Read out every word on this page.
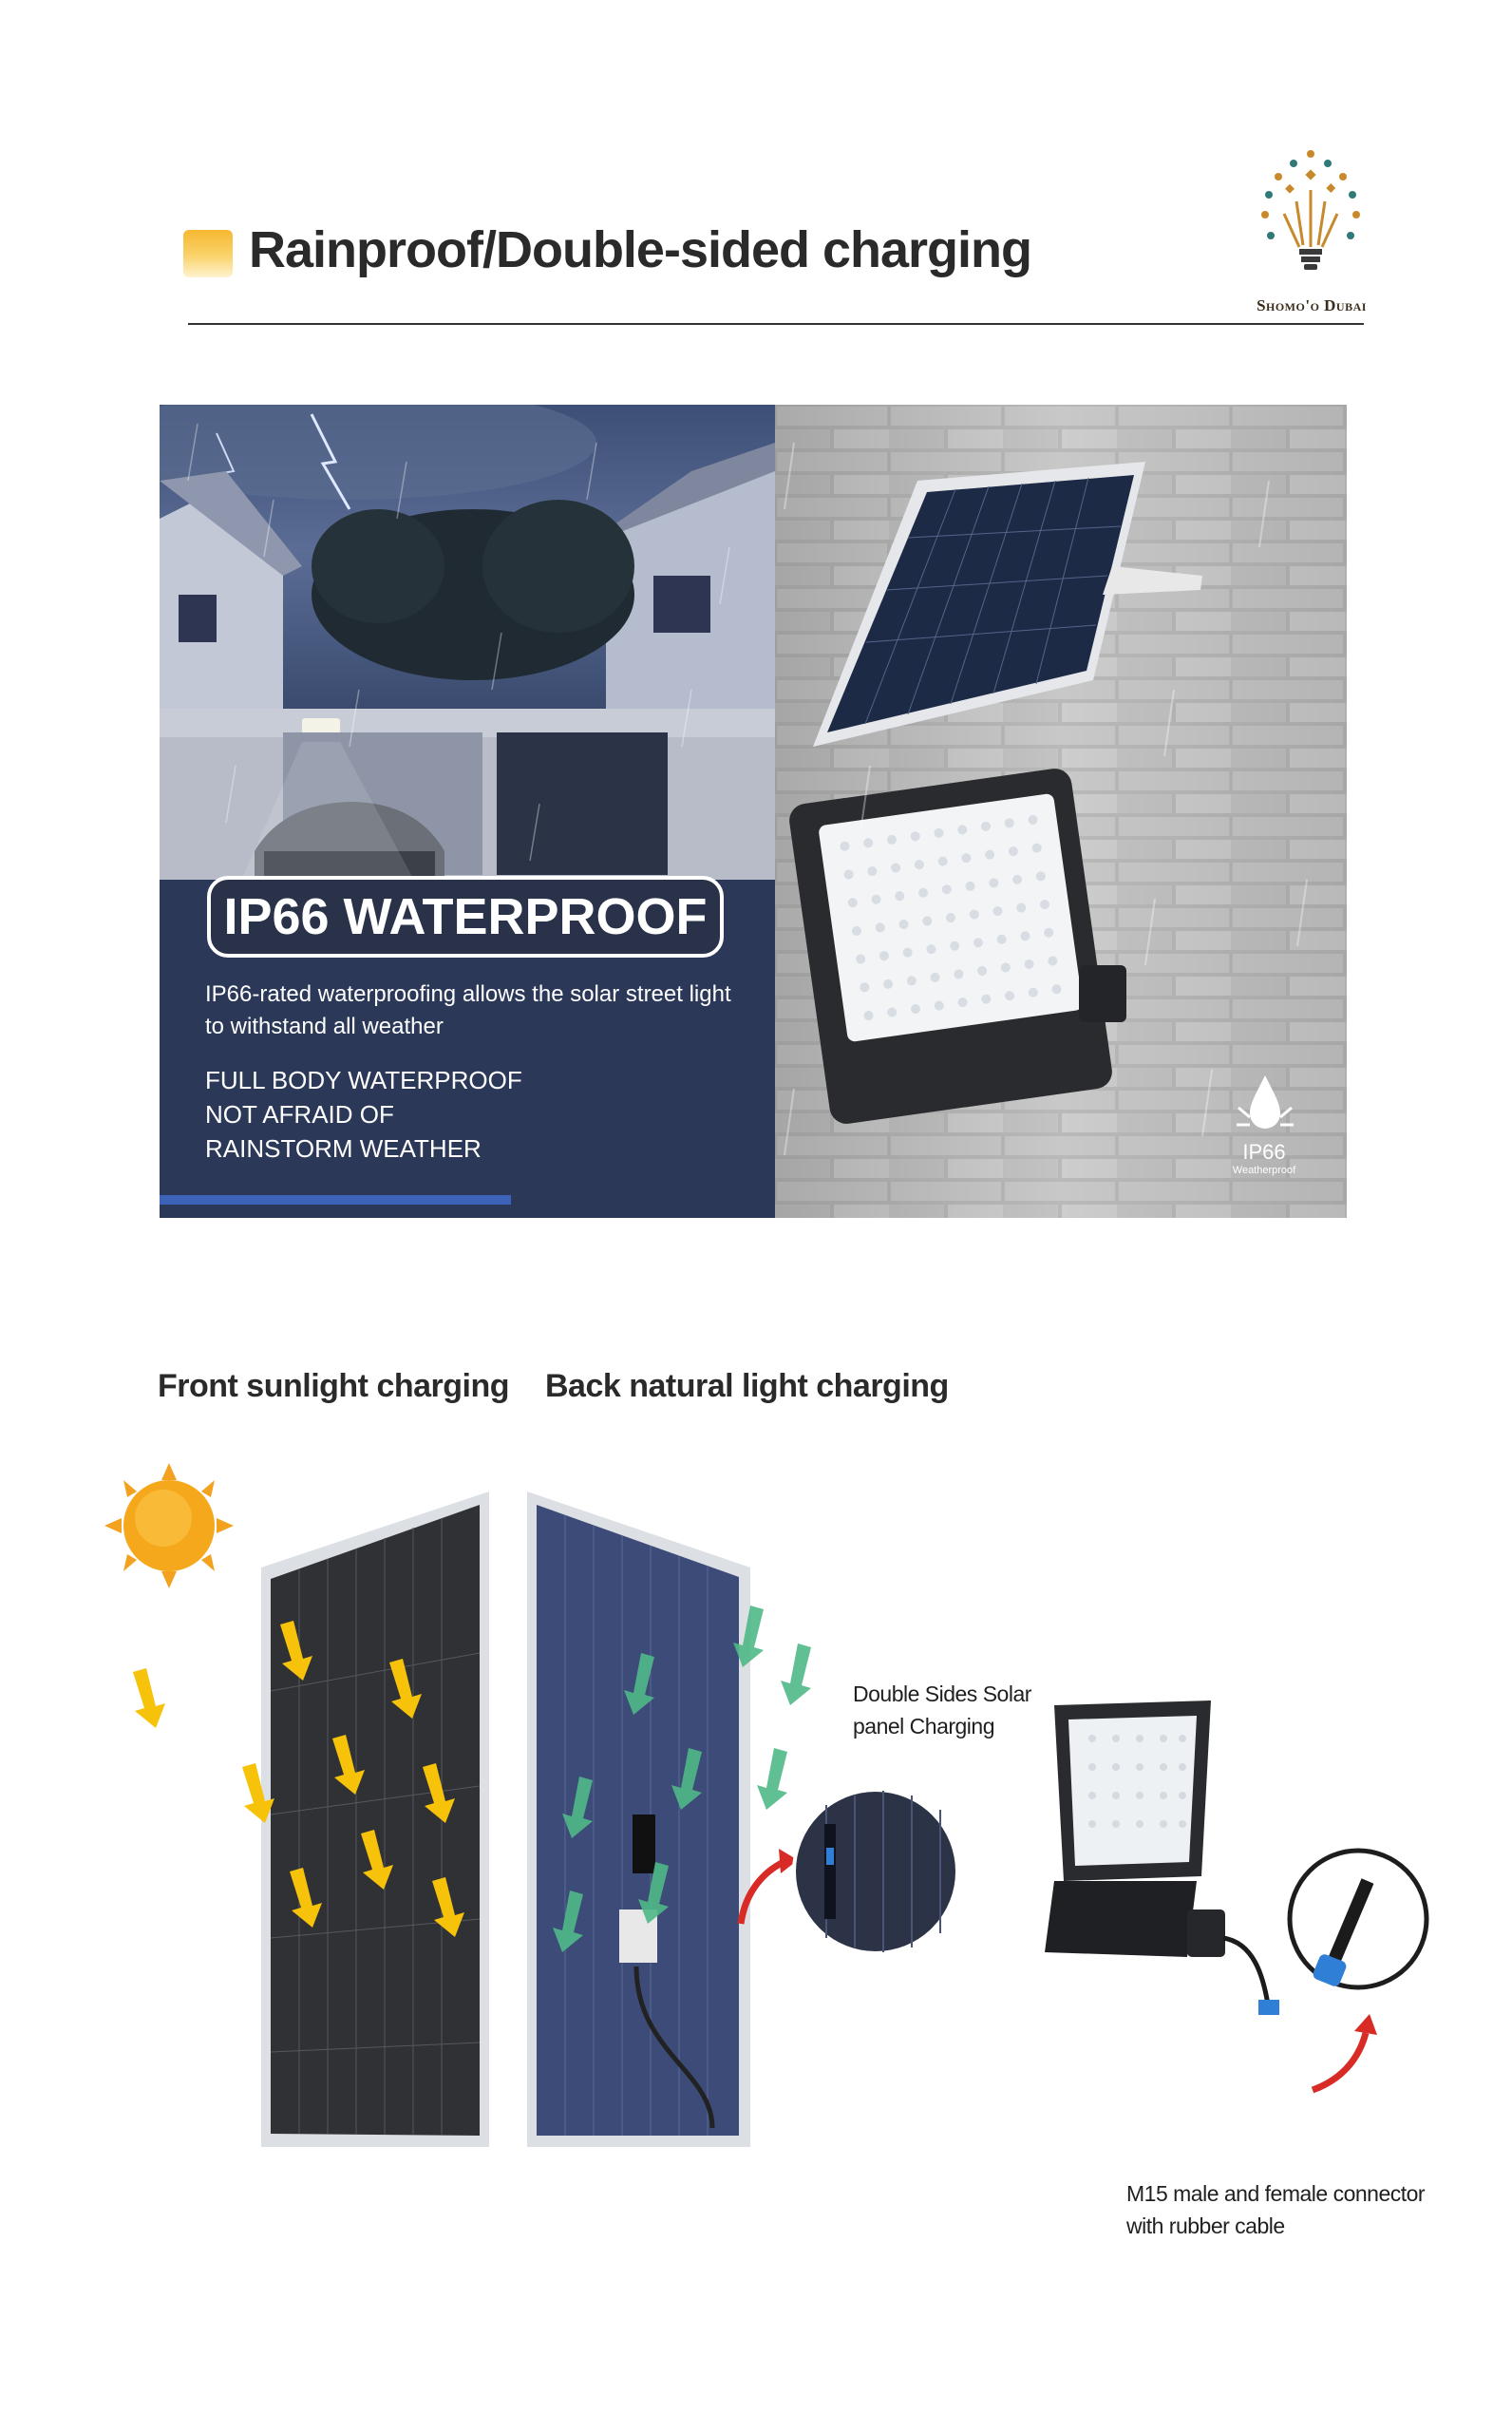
Rainproof/Double-sided charging
Shomo'o Dubai
IP66
Weatherproof
IP66 WATERPROOF
IP66-rated waterproofing allows the solar street light to withstand all weather
FULL BODY WATERPROOF
NOT AFRAID OF
RAINSTORM WEATHER
Front sunlight charging Back natural light charging
Double Sides Solar
panel Charging
M15 male and female connector
with rubber cable
